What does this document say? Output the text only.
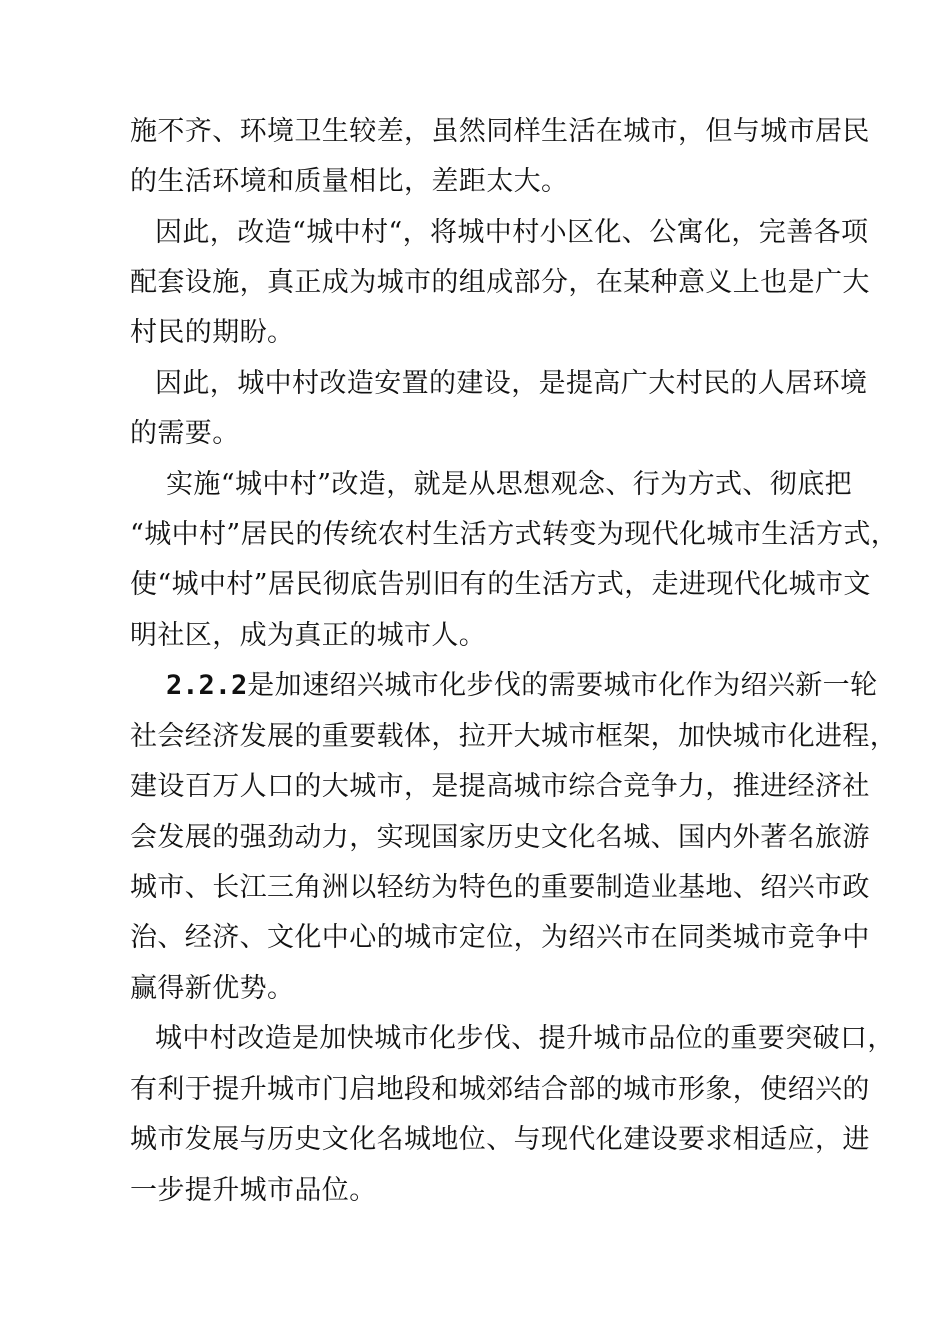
施不齐、环境卫生较差，虽然同样生活在城市，但与城市居民
的生活环境和质量相比，差距太大。
因此，改造“城中村“，将城中村小区化、公寓化，完善各项
配套设施，真正成为城市的组成部分，在某种意义上也是广大
村民的期盼。
因此，城中村改造安置的建设，是提高广大村民的人居环境
的需要。
实施“城中村”改造，就是从思想观念、行为方式、彻底把
“城中村”居民的传统农村生活方式转变为现代化城市生活方式，
使“城中村”居民彻底告别旧有的生活方式，走进现代化城市文
明社区，成为真正的城市人。
2.2.2是加速绍兴城市化步伐的需要城市化作为绍兴新一轮
社会经济发展的重要载体，拉开大城市框架，加快城市化进程，
建设百万人口的大城市，是提高城市综合竞争力，推进经济社
会发展的强劲动力，实现国家历史文化名城、国内外著名旅游
城市、长江三角洲以轻纺为特色的重要制造业基地、绍兴市政
治、经济、文化中心的城市定位，为绍兴市在同类城市竞争中
赢得新优势。
城中村改造是加快城市化步伐、提升城市品位的重要突破口，
有利于提升城市门启地段和城郊结合部的城市形象，使绍兴的
城市发展与历史文化名城地位、与现代化建设要求相适应，进
一步提升城市品位。
